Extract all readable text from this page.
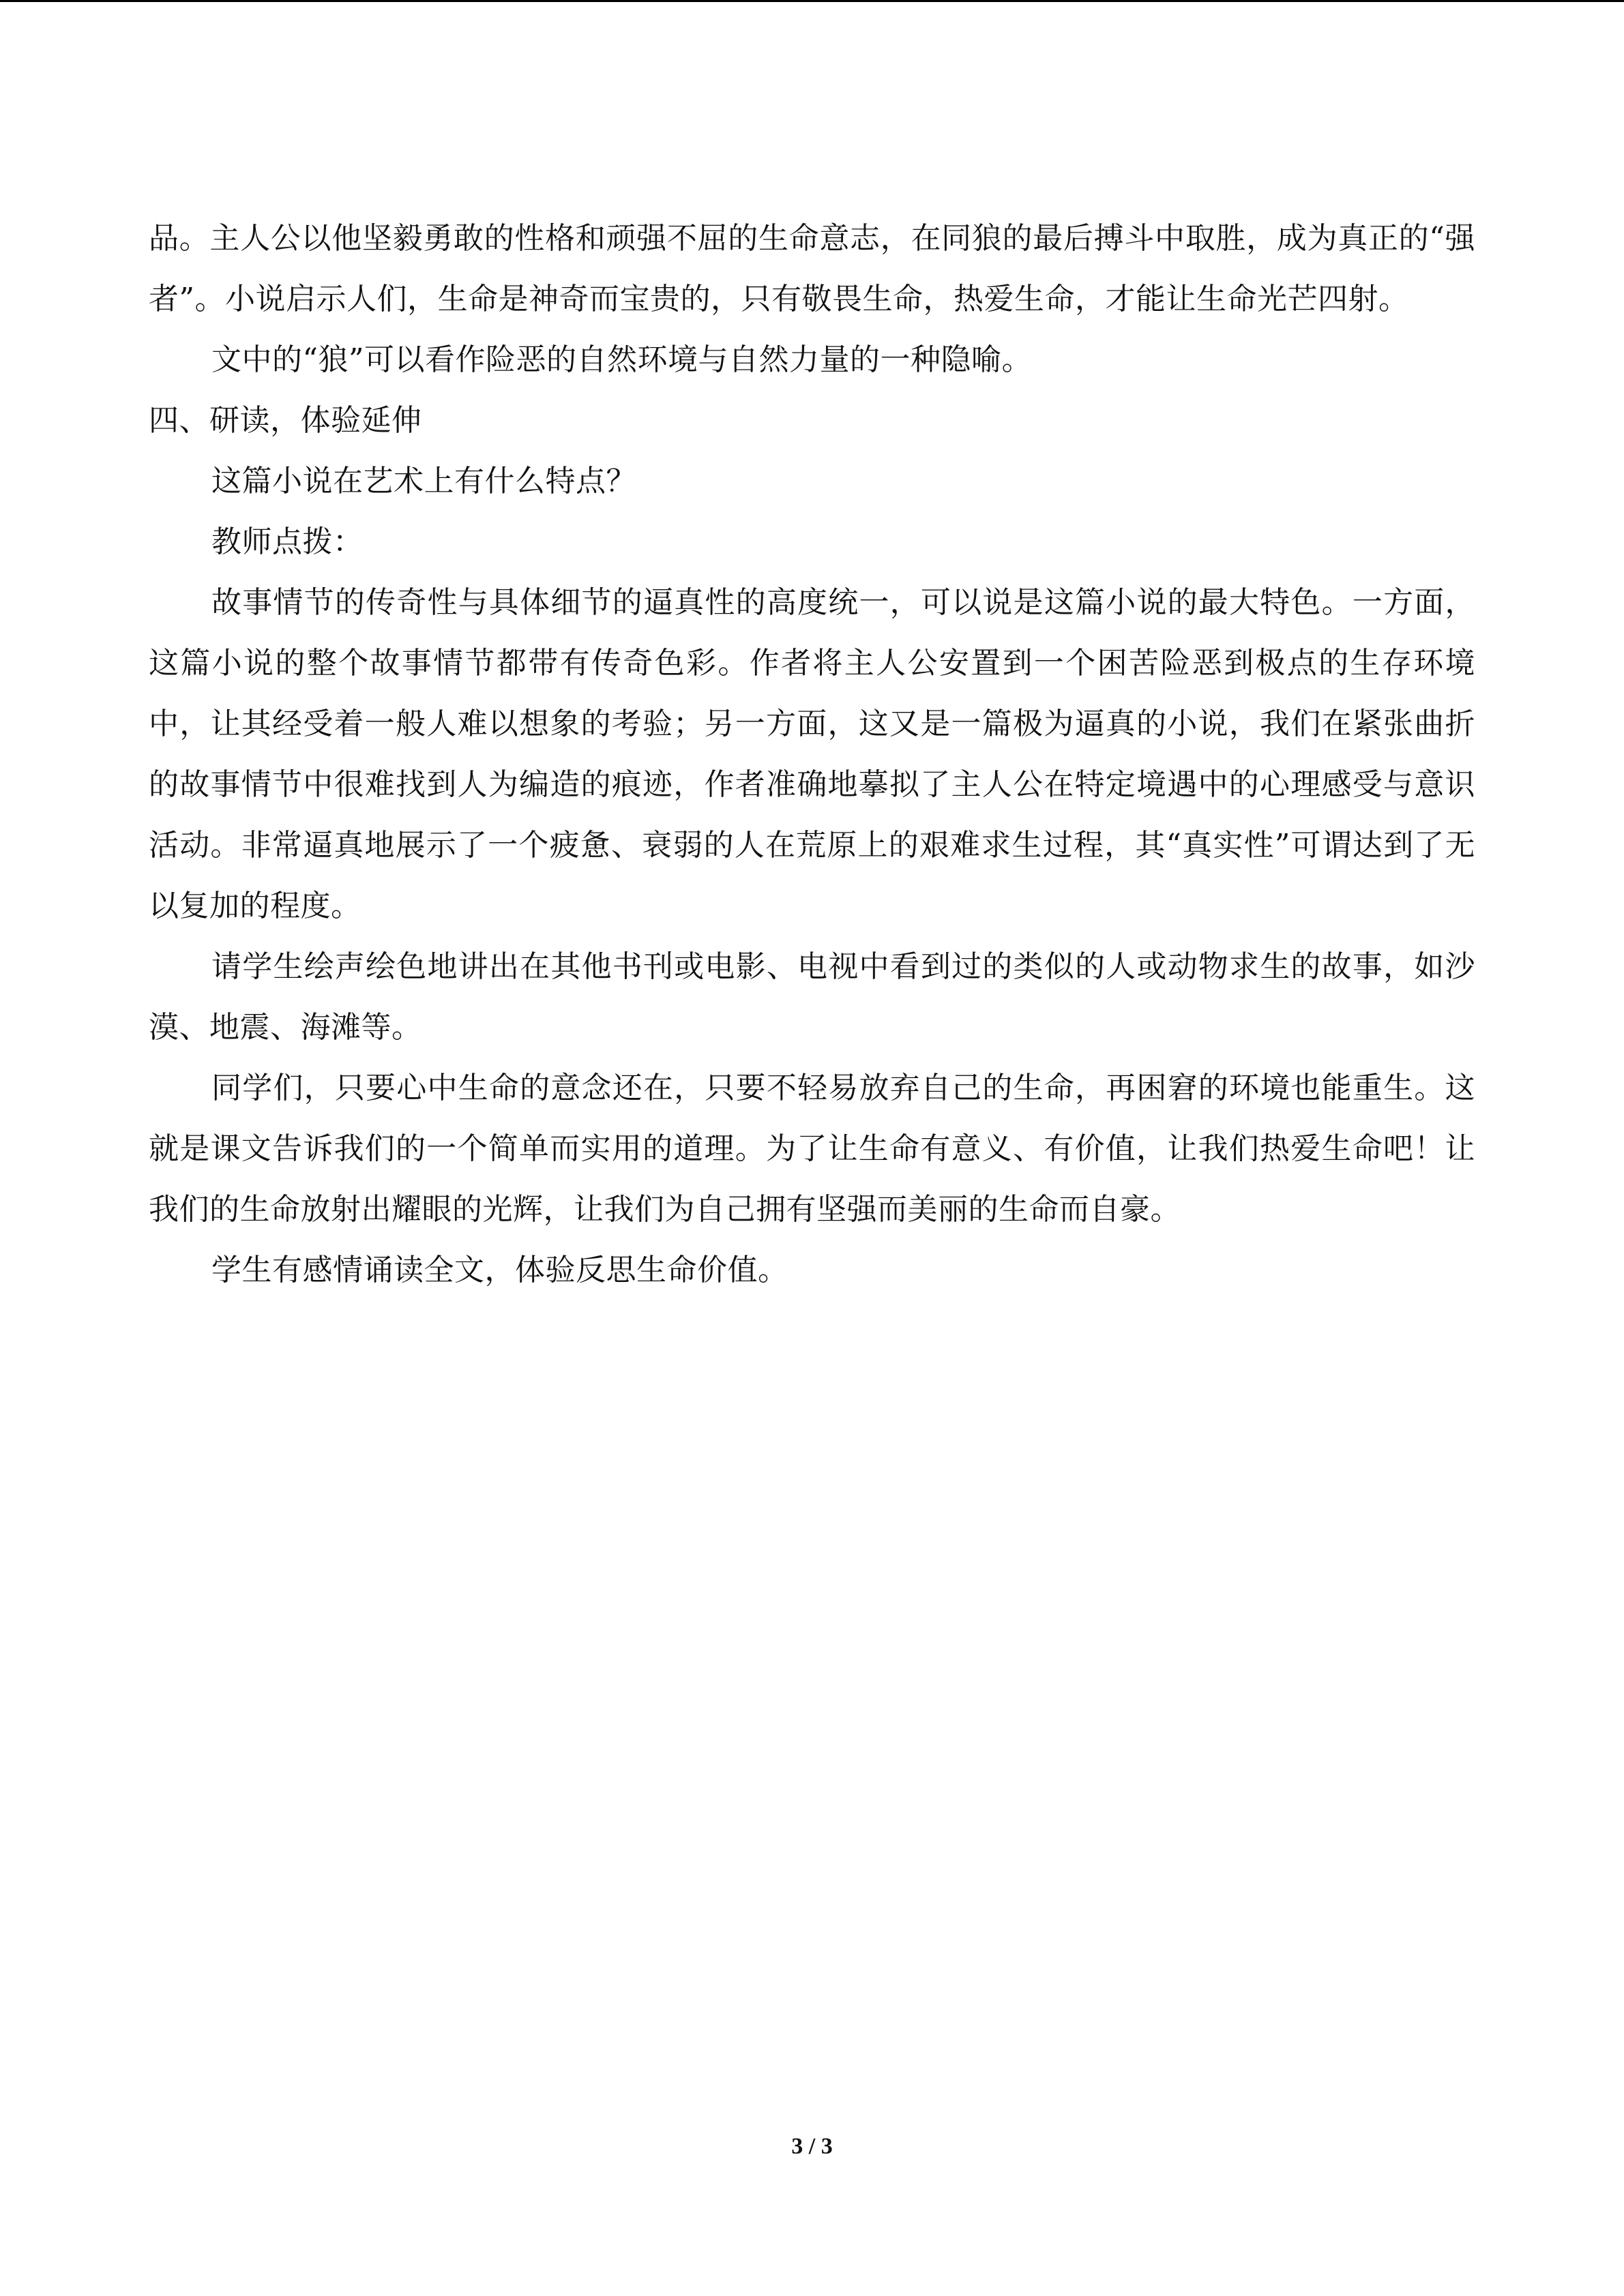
品。主人公以他坚毅勇敢的性格和顽强不屈的生命意志，在同狼的最后搏斗中取胜，成为真正的“强者”。小说启示人们，生命是神奇而宝贵的，只有敬畏生命，热爱生命，才能让生命光芒四射。

文中的“狼”可以看作险恶的自然环境与自然力量的一种隐喻。

四、研读，体验延伸

这篇小说在艺术上有什么特点？

教师点拨：

故事情节的传奇性与具体细节的逼真性的高度统一，可以说是这篇小说的最大特色。一方面，这篇小说的整个故事情节都带有传奇色彩。作者将主人公安置到一个困苦险恶到极点的生存环境中，让其经受着一般人难以想象的考验；另一方面，这又是一篇极为逼真的小说，我们在紧张曲折的故事情节中很难找到人为编造的痕迹，作者准确地摹拟了主人公在特定境遇中的心理感受与意识活动。非常逼真地展示了一个疲惫、衰弱的人在荒原上的艰难求生过程，其“真实性”可谓达到了无以复加的程度。

请学生绘声绘色地讲出在其他书刊或电影、电视中看到过的类似的人或动物求生的故事，如沙漠、地震、海滩等。

同学们，只要心中生命的意念还在，只要不轻易放弃自己的生命，再困窘的环境也能重生。这就是课文告诉我们的一个简单而实用的道理。为了让生命有意义、有价值，让我们热爱生命吧！让我们的生命放射出耀眼的光辉，让我们为自己拥有坚强而美丽的生命而自豪。

学生有感情诵读全文，体验反思生命价值。

3 / 3
